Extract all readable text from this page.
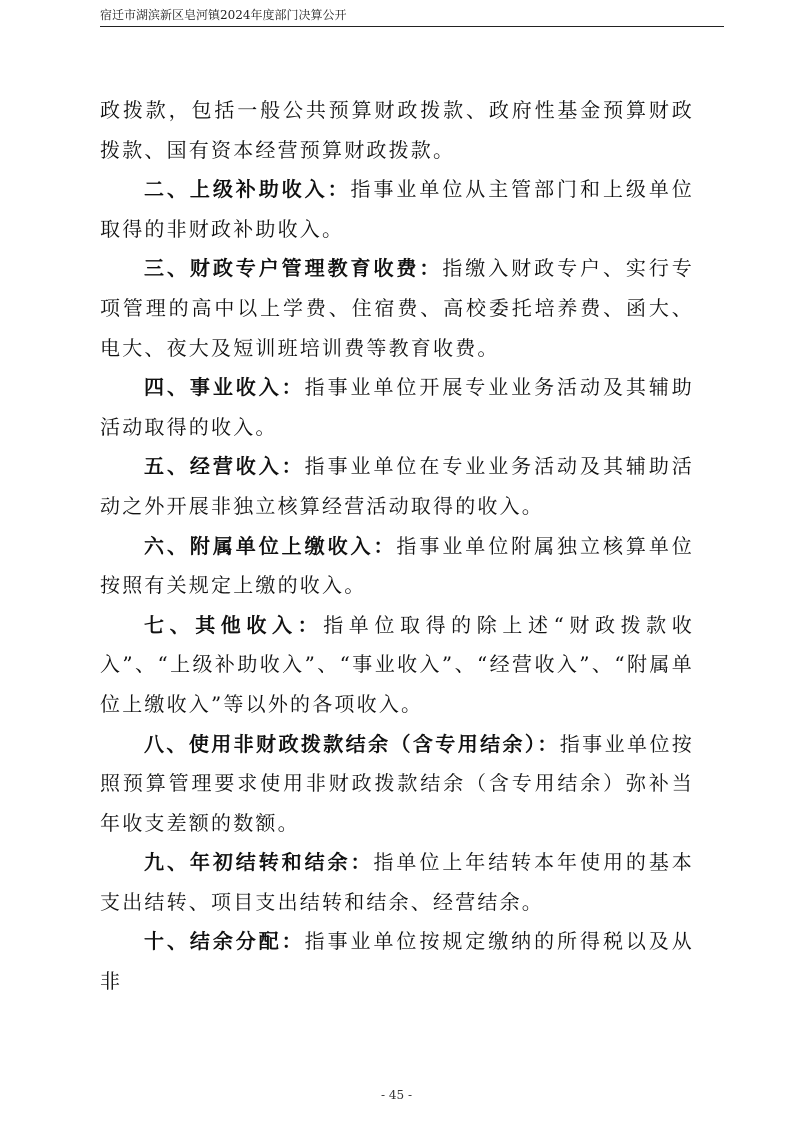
宿迁市湖滨新区皂河镇2024年度部门决算公开

政拨款，包括一般公共预算财政拨款、政府性基金预算财政拨款、国有资本经营预算财政拨款。

二、上级补助收入：指事业单位从主管部门和上级单位取得的非财政补助收入。

三、财政专户管理教育收费：指缴入财政专户、实行专项管理的高中以上学费、住宿费、高校委托培养费、函大、电大、夜大及短训班培训费等教育收费。

四、事业收入：指事业单位开展专业业务活动及其辅助活动取得的收入。

五、经营收入：指事业单位在专业业务活动及其辅助活动之外开展非独立核算经营活动取得的收入。

六、附属单位上缴收入：指事业单位附属独立核算单位按照有关规定上缴的收入。

七、其他收入：指单位取得的除上述“财政拨款收入”、“上级补助收入”、“事业收入”、“经营收入”、“附属单位上缴收入”等以外的各项收入。

八、使用非财政拨款结余（含专用结余）：指事业单位按照预算管理要求使用非财政拨款结余（含专用结余）弥补当年收支差额的数额。

九、年初结转和结余：指单位上年结转本年使用的基本支出结转、项目支出结转和结余、经营结余。

十、结余分配：指事业单位按规定缴纳的所得税以及从非

- 45 -
